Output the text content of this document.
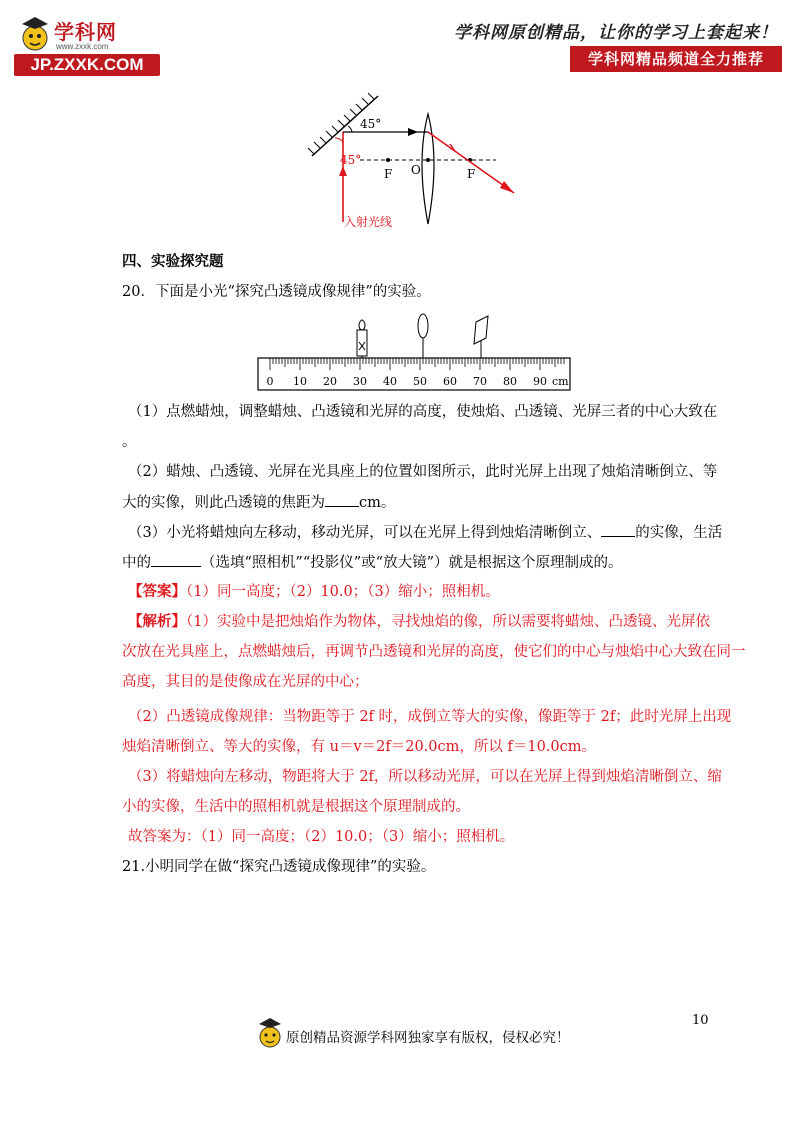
学科网
www.zxxk.com
JP.ZXXK.COM
学科网原创精品，让你的学习上套起来！
学科网精品频道全力推荐
45°
45°
F O	F
入射光线
四、实验探究题
20．下面是小光“探究凸透镜成像规律”的实验。
0 10 20 30 40 50 60 70 80 90 cm
（1）点燃蜡烛，调整蜡烛、凸透镜和光屏的高度，使烛焰、凸透镜、光屏三者的中心大致在
。
（2）蜡烛、凸透镜、光屏在光具座上的位置如图所示，此时光屏上出现了烛焰清晰倒立、等
大的实像，则此凸透镜的焦距为 cm。
（3）小光将蜡烛向左移动，移动光屏，可以在光屏上得到烛焰清晰倒立、 的实像，生活
中的	（选填“照相机”“投影仪”或“放大镜”）就是根据这个原理制成的。
【答案】（1）同一高度；（2）10.0；（3）缩小；照相机。
【解析】（1）实验中是把烛焰作为物体，寻找烛焰的像，所以需要将蜡烛、凸透镜、光屏依
次放在光具座上，点燃蜡烛后，再调节凸透镜和光屏的高度，使它们的中心与烛焰中心大致在同一
高度，其目的是使像成在光屏的中心；
（2）凸透镜成像规律：当物距等于 2f 时，成倒立等大的实像，像距等于 2f；此时光屏上出现
烛焰清晰倒立、等大的实像，有 u＝v＝2f＝20.0cm，所以 f＝10.0cm。
（3）将蜡烛向左移动，物距将大于 2f，所以移动光屏，可以在光屏上得到烛焰清晰倒立、缩
小的实像，生活中的照相机就是根据这个原理制成的。
故答案为：（1）同一高度；（2）10.0；（3）缩小；照相机。
21.小明同学在做“探究凸透镜成像现律”的实验。
10
原创精品资源学科网独家享有版权，侵权必究！
